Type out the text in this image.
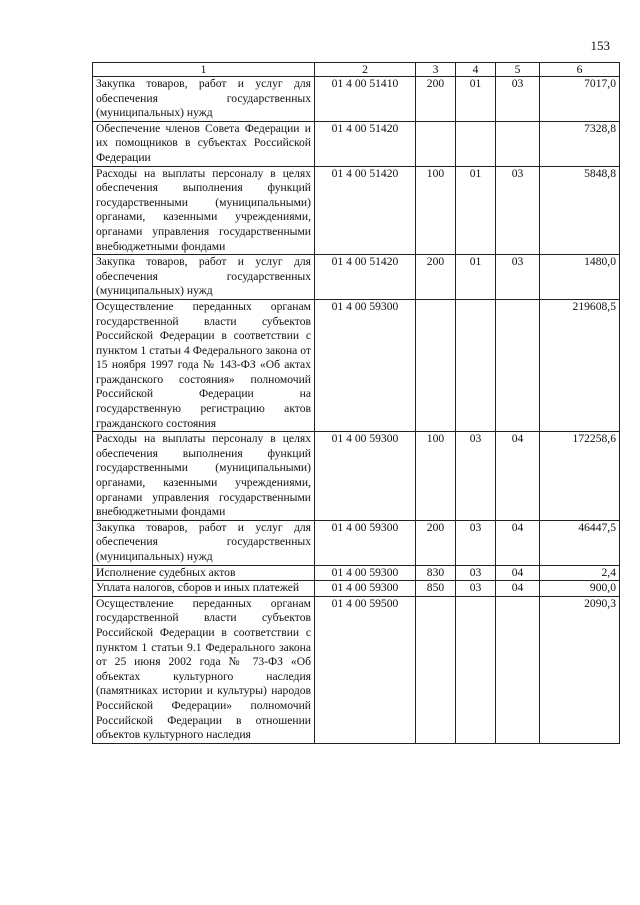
153
1	2	3	4	5	6
Закупка товаров, работ и услуг для обеспечения государственных (муниципальных) нужд	01 4 00 51410	200	01	03	7017,0
Обеспечение членов Совета Федерации и их помощников в субъектах Российской Федерации	01 4 00 51420				7328,8
Расходы на выплаты персоналу в целях обеспечения выполнения функций государственными (муниципальными) органами, казенными учреждениями, органами управления государственными внебюджетными фондами	01 4 00 51420	100	01	03	5848,8
Закупка товаров, работ и услуг для обеспечения государственных (муниципальных) нужд	01 4 00 51420	200	01	03	1480,0
Осуществление переданных органам государственной власти субъектов Российской Федерации в соответствии с пунктом 1 статьи 4 Федерального закона от 15 ноября 1997 года № 143-ФЗ «Об актах гражданского состояния» полномочий Российской Федерации на государственную регистрацию актов гражданского состояния	01 4 00 59300				219608,5
Расходы на выплаты персоналу в целях обеспечения выполнения функций государственными (муниципальными) органами, казенными учреждениями, органами управления государственными внебюджетными фондами	01 4 00 59300	100	03	04	172258,6
Закупка товаров, работ и услуг для обеспечения государственных (муниципальных) нужд	01 4 00 59300	200	03	04	46447,5
Исполнение судебных актов	01 4 00 59300	830	03	04	2,4
Уплата налогов, сборов и иных платежей	01 4 00 59300	850	03	04	900,0
Осуществление переданных органам государственной власти субъектов Российской Федерации в соответствии с пунктом 1 статьи 9.1 Федерального закона от 25 июня 2002 года № 73-ФЗ «Об объектах культурного наследия (памятниках истории и культуры) народов Российской Федерации» полномочий Российской Федерации в отношении объектов культурного наследия	01 4 00 59500				2090,3
